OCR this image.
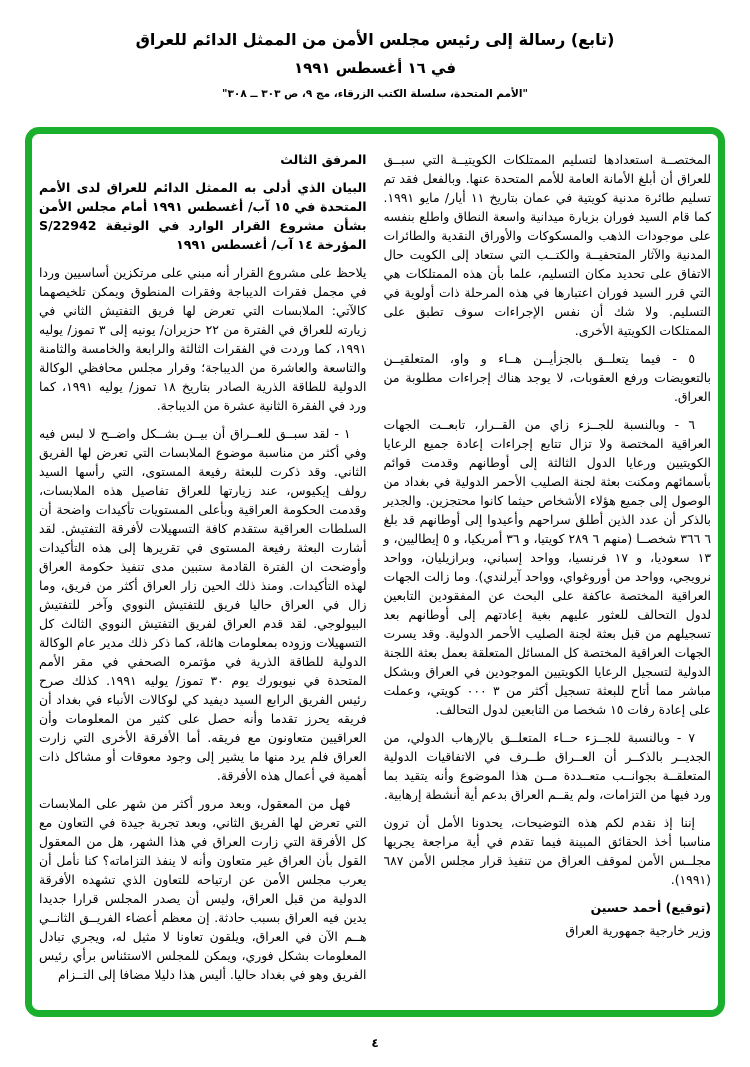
(تابع) رسالة إلى رئيس مجلس الأمن من الممثل الدائم للعراق
في ١٦ أغسطس ١٩٩١
"الأمم المتحدة، سلسلة الكتب الزرقاء، مج ٩، ص ٣٠٣ ــ ٣٠٨"

المختصــة استعدادها لتسليم الممتلكات الكويتيــة التي سبــق للعراق أن أبلغ الأمانة العامة للأمم المتحدة عنها. وبالفعل فقد تم تسليم طائرة مدنية كويتية في عمان بتاريخ ١١ أيار/ مايو ١٩٩١. كما قام السيد فوران بزيارة ميدانية واسعة النطاق واطلع بنفسه على موجودات الذهب والمسكوكات والأوراق النقدية والطائرات المدنية والآثار المتحفيــة والكتــب التي ستعاد إلى الكويت حال الاتفاق على تحديد مكان التسليم، علما بأن هذه الممتلكات هي التي قرر السيد فوران اعتبارها في هذه المرحلة ذات أولوية في التسليم. ولا شك أن نفس الإجراءات سوف تطبق على الممتلكات الكويتية الأخرى.

٥ - فيما يتعلــق بالجزأيــن هــاء و واو، المتعلقيــن بالتعويضات ورفع العقوبات، لا يوجد هناك إجراءات مطلوبة من العراق.

٦ - وبالنسبة للجــزء زاي من القــرار، تابعــت الجهات العراقية المختصة ولا تزال تتابع إجراءات إعادة جميع الرعايا الكويتيين ورعايا الدول الثالثة إلى أوطانهم وقدمت قوائم بأسمائهم ومكنت بعثة لجنة الصليب الأحمر الدولية في بغداد من الوصول إلى جميع هؤلاء الأشخاص حيثما كانوا محتجزين. والجدير بالذكر أن عدد الذين أطلق سراحهم وأعيدوا إلى أوطانهم قد بلغ ٦ ٣٦٦ شخصــا (منهم ٦ ٢٨٩ كويتيا، و ٣٦ أمريكيا، و ٥ إيطاليين، و ١٣ سعوديا، و ١٧ فرنسيا، وواحد إسباني، وبرازيليان، وواحد نرويجي، وواحد من أوروغواي، وواحد آيرلندي). وما زالت الجهات العراقية المختصة عاكفة على البحث عن المفقودين التابعين لدول التحالف للعثور عليهم بغية إعادتهم إلى أوطانهم بعد تسجيلهم من قبل بعثة لجنة الصليب الأحمر الدولية. وقد يسرت الجهات العراقية المختصة كل المسائل المتعلقة بعمل بعثة اللجنة الدولية لتسجيل الرعايا الكويتيين الموجودين في العراق وبشكل مباشر مما أتاح للبعثة تسجيل أكثر من ٣ ٠٠٠ كويتي، وعملت على إعادة رفات ١٥ شخصا من التابعين لدول التحالف.

٧ - وبالنسبة للجــزء حــاء المتعلــق بالإرهاب الدولي، من الجديــر بالذكــر أن العــراق طــرف في الاتفاقيات الدولية المتعلقــة بجوانــب متعــددة مــن هذا الموضوع وأنه يتقيد بما ورد فيها من التزامات، ولم يقــم العراق بدعم أية أنشطة إرهابية.

إننا إذ نقدم لكم هذه التوضيحات، يحدونا الأمل أن ترون مناسبا أخذ الحقائق المبينة فيما تقدم في أية مراجعة يجريها مجلــس الأمن لموقف العراق من تنفيذ قرار مجلس الأمن ٦٨٧ (١٩٩١).

(توقيع) أحمد حسين

وزير خارجية جمهورية العراق

المرفق الثالث
البيان الذي أدلى به الممثل الدائم للعراق لدى الأمم المتحدة في ١٥ آب/ أغسطس ١٩٩١ أمام مجلس الأمن بشأن مشروع القرار الوارد في الوثيقة S/22942 المؤرخة ١٤ آب/ أغسطس ١٩٩١

يلاحظ على مشروع القرار أنه مبني على مرتكزين أساسيين وردا في مجمل فقرات الديباجة وفقرات المنطوق ويمكن تلخيصهما كالآتي: الملابسات التي تعرض لها فريق التفتيش الثاني في زيارته للعراق في الفترة من ٢٢ حزيران/ يونيه إلى ٣ تموز/ يوليه ١٩٩١، كما وردت في الفقرات الثالثة والرابعة والخامسة والثامنة والتاسعة والعاشرة من الديباجة؛ وقرار مجلس محافظي الوكالة الدولية للطاقة الذرية الصادر بتاريخ ١٨ تموز/ يوليه ١٩٩١، كما ورد في الفقرة الثانية عشرة من الديباجة.

١ - لقد سبــق للعــراق أن بيــن بشــكل واضــح لا لبس فيه وفي أكثر من مناسبة موضوع الملابسات التي تعرض لها الفريق الثاني. وقد ذكرت للبعثة رفيعة المستوى، التي رأسها السيد رولف إيكيوس، عند زيارتها للعراق تفاصيل هذه الملابسات، وقدمت الحكومة العراقية وبأعلى المستويات تأكيدات واضحة أن السلطات العراقية ستقدم كافة التسهيلات لأفرقة التفتيش. لقد أشارت البعثة رفيعة المستوى في تقريرها إلى هذه التأكيدات وأوضحت ان الفترة القادمة ستبين مدى تنفيذ حكومة العراق لهذه التأكيدات. ومنذ ذلك الحين زار العراق أكثر من فريق، وما زال في العراق حاليا فريق للتفتيش النووي وآخر للتفتيش البيولوجي. لقد قدم العراق لفريق التفتيش النووي الثالث كل التسهيلات وزوده بمعلومات هائلة، كما ذكر ذلك مدير عام الوكالة الدولية للطاقة الذرية في مؤتمره الصحفي في مقر الأمم المتحدة في نيويورك يوم ٣٠ تموز/ يوليه ١٩٩١. كذلك صرح رئيس الفريق الرابع السيد ديفيد كي لوكالات الأنباء في بغداد أن فريقه يحرز تقدما وأنه حصل على كثير من المعلومات وأن العراقيين متعاونون مع فريقه. أما الأفرقة الأخرى التي زارت العراق فلم يرد منها ما يشير إلى وجود معوقات أو مشاكل ذات أهمية في أعمال هذه الأفرقة.

فهل من المعقول، وبعد مرور أكثر من شهر على الملابسات التي تعرض لها الفريق الثاني، وبعد تجربة جيدة في التعاون مع كل الأفرقة التي زارت العراق في هذا الشهر، هل من المعقول القول بأن العراق غير متعاون وأنه لا ينفذ التزاماته؟ كنا نأمل أن يعرب مجلس الأمن عن ارتياحه للتعاون الذي تشهده الأفرقة الدولية من قبل العراق، وليس أن يصدر المجلس قرارا جديدا يدين فيه العراق بسبب حادثة. إن معظم أعضاء الفريــق الثانــي هــم الآن في العراق، ويلقون تعاونا لا مثيل له، ويجري تبادل المعلومات بشكل فوري، ويمكن للمجلس الاستئناس برأي رئيس الفريق وهو في بغداد حاليا. أليس هذا دليلا مضافا إلى التــزام

٤
